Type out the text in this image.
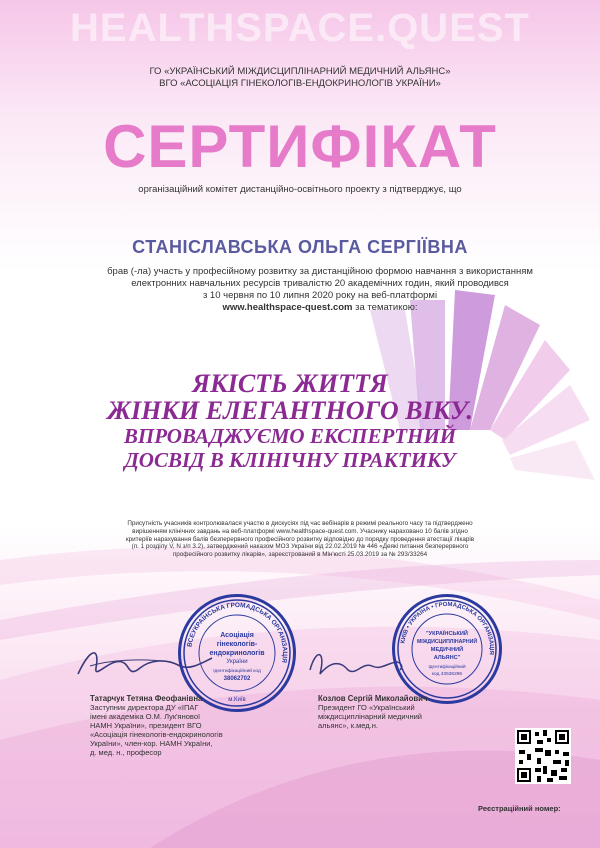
HEALTHSPACE.QUEST
ГО «УКРАЇНСЬКИЙ МІЖДИСЦИПЛІНАРНИЙ МЕДИЧНИЙ АЛЬЯНС»
ВГО «АСОЦІАЦІЯ ГІНЕКОЛОГІВ-ЕНДОКРИНОЛОГІВ УКРАЇНИ»
СЕРТИФІКАТ
організаційний комітет дистанційно-освітнього проекту з підтверджує, що
СТАНІСЛАВСЬКА ОЛЬГА СЕРГІЇВНА
брав (-ла) участь у професійному розвитку за дистанційною формою навчання з використанням
електронних навчальних ресурсів тривалістю 20 академічних годин, який проводився
з 10 червня по 10 липня 2020 року на веб-платформі
www.healthspace-quest.com за тематикою:
ЯКІСТЬ ЖИТТЯ
ЖІНКИ ЕЛЕГАНТНОГО ВІКУ.
ВПРОВАДЖУЄМО ЕКСПЕРТНИЙ
ДОСВІД В КЛІНІЧНУ ПРАКТИКУ
Присутність учасників контролювалася участю в дискусіях під час вебінарів в режимі реального часу та підтверджено
вирішенням клінічних завдань на веб-платформі www.healthspace-quest.com. Учаснику нараховано 10 балів згідно
критеріїв нарахування балів безперервного професійного розвитку відповідно до порядку проведення атестації лікарів
(п. 1 розділу V, N з/п 3.2), затверджений наказом МОЗ України від 22.02.2019 № 446 «Деякі питання безперервного
професійного розвитку лікарів», зареєстрований в Мін'юсті 25.03.2019 за № 293/33264
ВСЕУКРАЇНСЬКА ГРОМАДСЬКА ОРГАНІЗАЦІЯ
Асоціація
гінекологів-
ендокринологів
України
Ідентифікаційний код
38062702
м.Київ
КИЇВ • УКРАЇНА • ГРОМАДСЬКА ОРГАНІЗАЦІЯ
"УКРАЇНСЬКИЙ
МІЖДИСЦИПЛІНАРНИЙ
МЕДИЧНИЙ
АЛЬЯНС"
Ідентифікаційний
код 43536296
Татарчук Тетяна Феофанівна
Заступник директора ДУ «ІПАГ
імені академіка О.М. Лук'янової
НАМН України», президент ВГО
«Асоціація гінекологів-ендокринологів
України», член-кор. НАМН України,
д. мед. н., професор
Козлов Сергій Миколайович
Президент ГО «Український
міждисциплінарний медичний
альянс», к.мед.н.
Реєстраційний номер:
